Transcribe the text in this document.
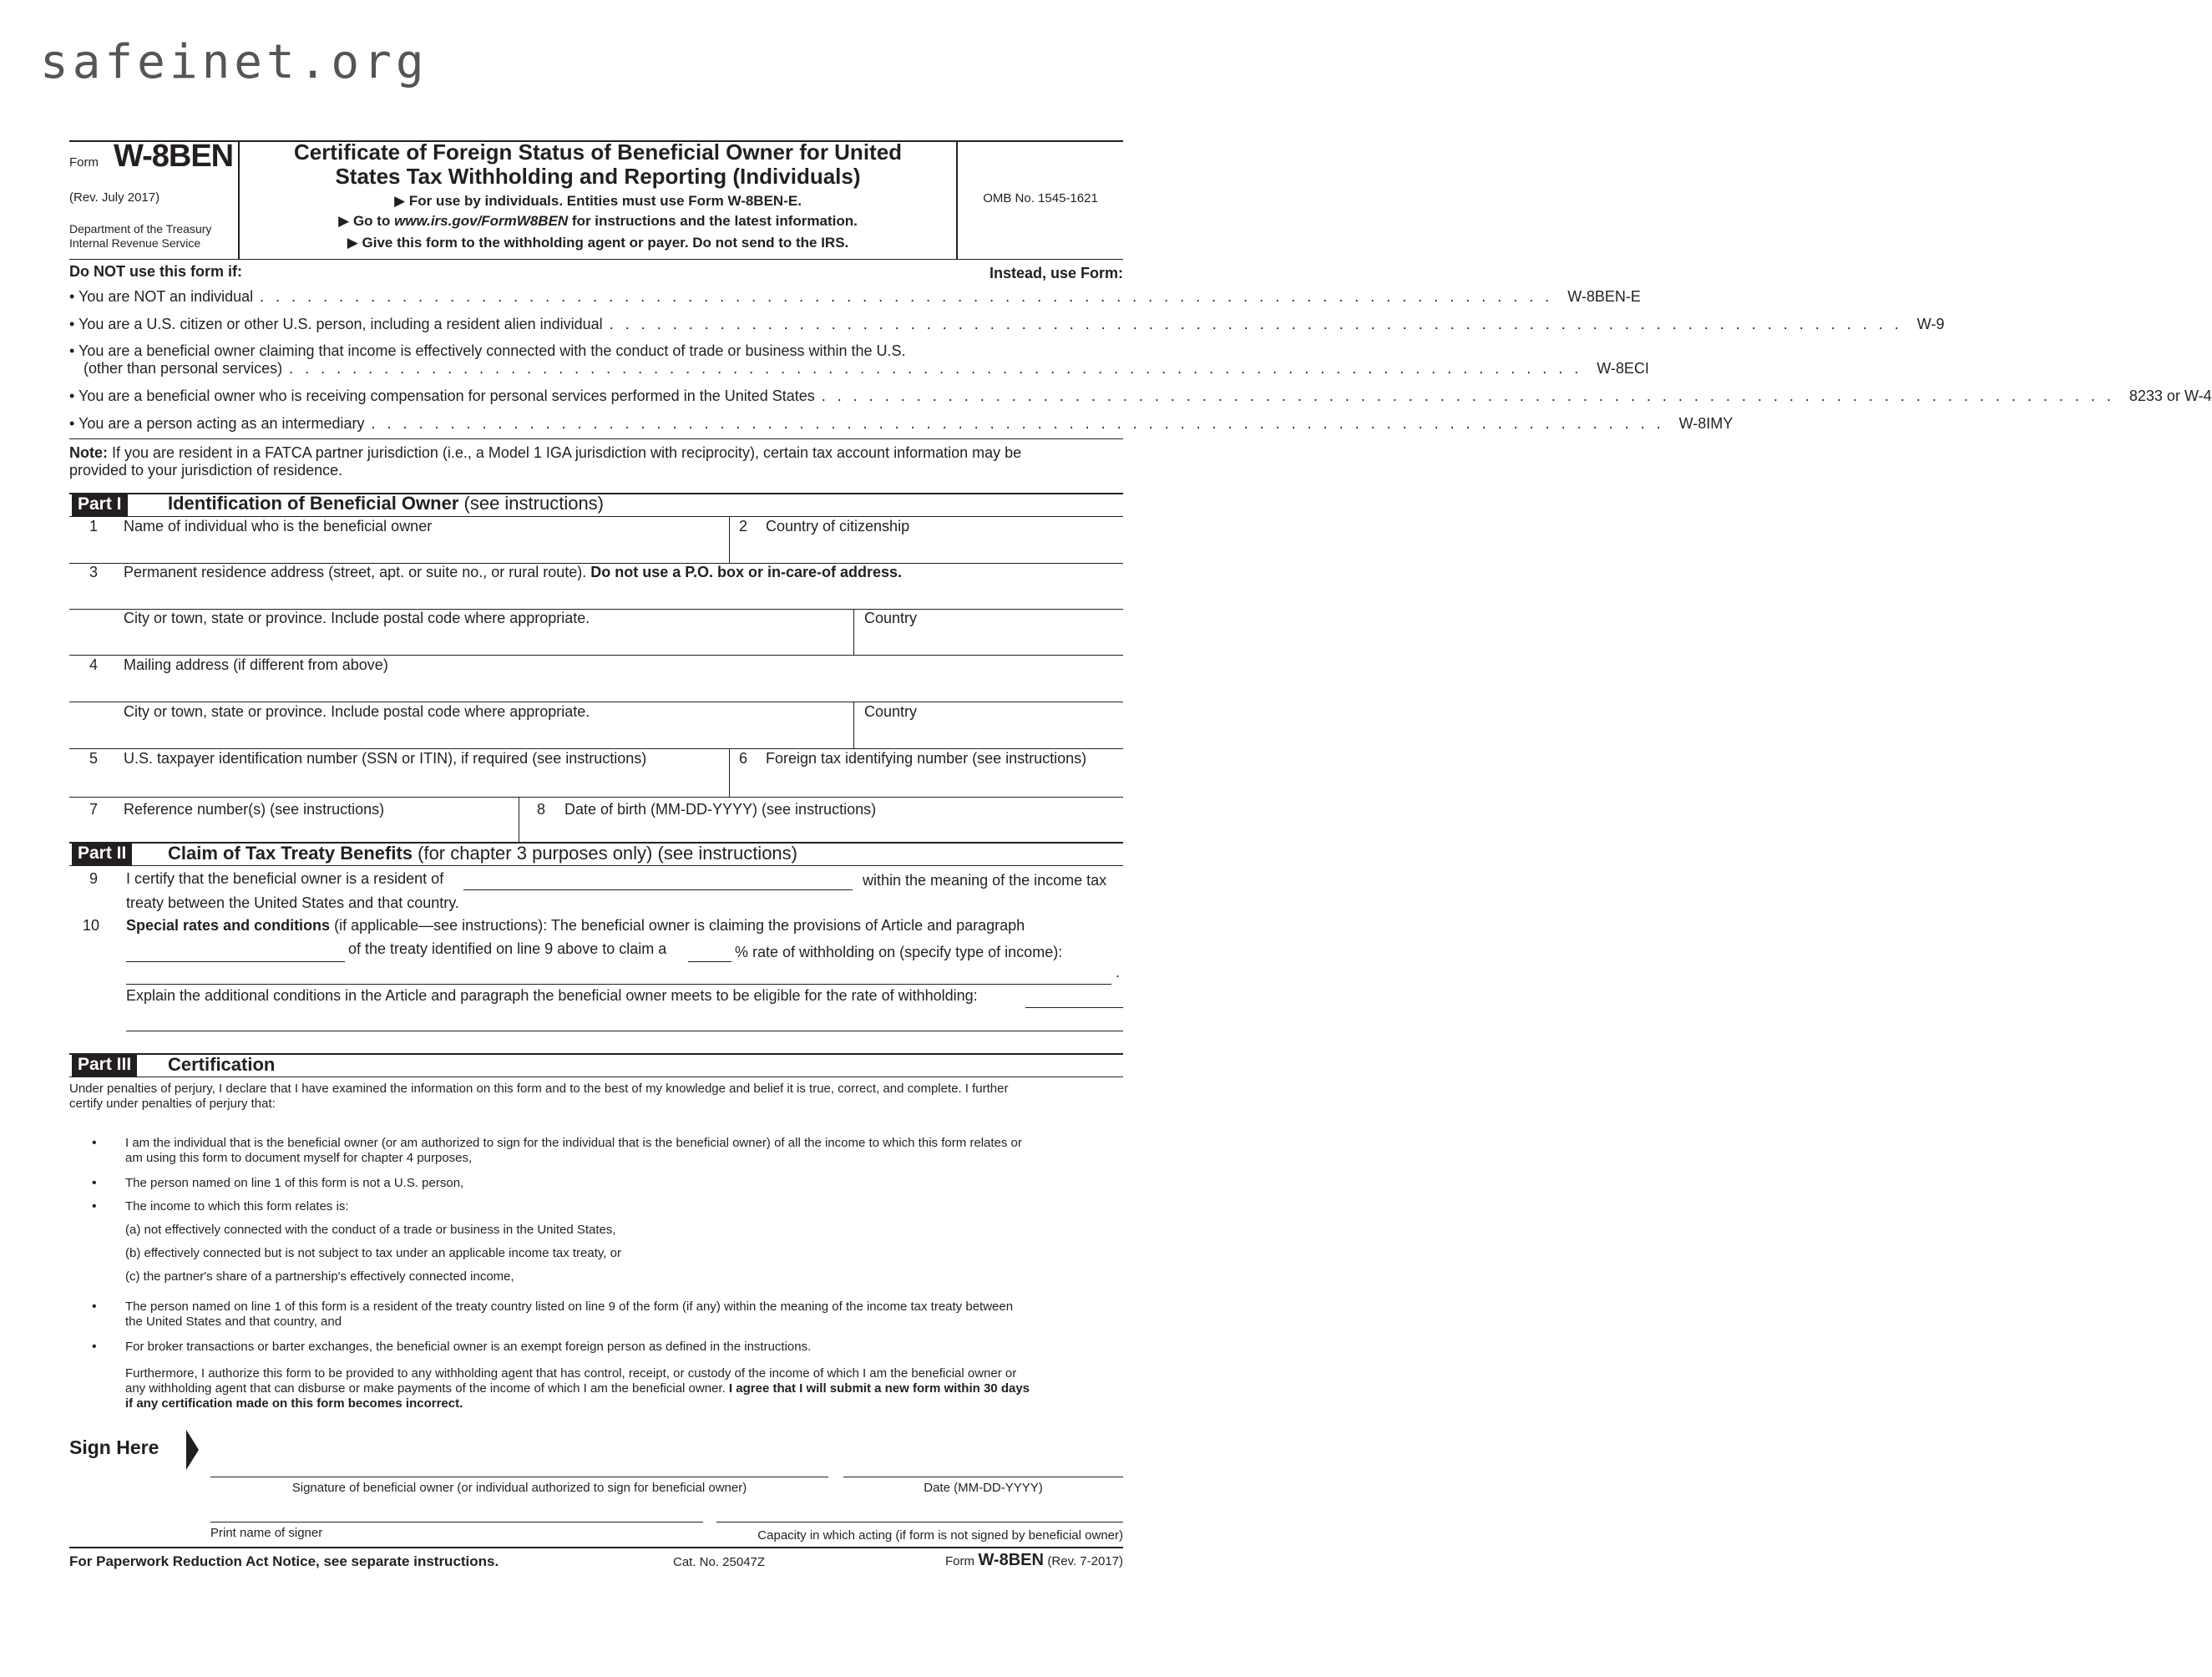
safeinet.org
Form W-8BEN
(Rev. July 2017)
Department of the Treasury
Internal Revenue Service
Certificate of Foreign Status of Beneficial Owner for United
States Tax Withholding and Reporting (Individuals)
▶ For use by individuals. Entities must use Form W-8BEN-E.
▶ Go to www.irs.gov/FormW8BEN for instructions and the latest information.
▶ Give this form to the withholding agent or payer. Do not send to the IRS.
OMB No. 1545-1621
Do NOT use this form if:	Instead, use Form:
• You are NOT an individual .................................................................................. W-8BEN-E
• You are a U.S. citizen or other U.S. person, including a resident alien individual .................................................................................. W-9
• You are a beneficial owner claiming that income is effectively connected with the conduct of trade or business within the U.S.
(other than personal services) .................................................................................. W-8ECI
• You are a beneficial owner who is receiving compensation for personal services performed in the United States .................................................................................. 8233 or W-4
• You are a person acting as an intermediary .................................................................................. W-8IMY
Note: If you are resident in a FATCA partner jurisdiction (i.e., a Model 1 IGA jurisdiction with reciprocity), certain tax account information may be
provided to your jurisdiction of residence.
Part I	Identification of Beneficial Owner (see instructions)
1 Name of individual who is the beneficial owner	2 Country of citizenship
3 Permanent residence address (street, apt. or suite no., or rural route). Do not use a P.O. box or in-care-of address.
City or town, state or province. Include postal code where appropriate.	Country
4 Mailing address (if different from above)
City or town, state or province. Include postal code where appropriate.	Country
5 U.S. taxpayer identification number (SSN or ITIN), if required (see instructions)	6 Foreign tax identifying number (see instructions)
7 Reference number(s) (see instructions)	8 Date of birth (MM-DD-YYYY) (see instructions)
Part II	Claim of Tax Treaty Benefits (for chapter 3 purposes only) (see instructions)
9 I certify that the beneficial owner is a resident of	within the meaning of the income tax
treaty between the United States and that country.
10 Special rates and conditions (if applicable—see instructions): The beneficial owner is claiming the provisions of Article and paragraph
of the treaty identified on line 9 above to claim a	% rate of withholding on (specify type of income):
.
Explain the additional conditions in the Article and paragraph the beneficial owner meets to be eligible for the rate of withholding:
Part III	Certification
Under penalties of perjury, I declare that I have examined the information on this form and to the best of my knowledge and belief it is true, correct, and complete. I further
certify under penalties of perjury that:
• I am the individual that is the beneficial owner (or am authorized to sign for the individual that is the beneficial owner) of all the income to which this form relates or
am using this form to document myself for chapter 4 purposes,
• The person named on line 1 of this form is not a U.S. person,
• The income to which this form relates is:
(a) not effectively connected with the conduct of a trade or business in the United States,
(b) effectively connected but is not subject to tax under an applicable income tax treaty, or
(c) the partner's share of a partnership's effectively connected income,
• The person named on line 1 of this form is a resident of the treaty country listed on line 9 of the form (if any) within the meaning of the income tax treaty between
the United States and that country, and
• For broker transactions or barter exchanges, the beneficial owner is an exempt foreign person as defined in the instructions.
Furthermore, I authorize this form to be provided to any withholding agent that has control, receipt, or custody of the income of which I am the beneficial owner or
any withholding agent that can disburse or make payments of the income of which I am the beneficial owner. I agree that I will submit a new form within 30 days
if any certification made on this form becomes incorrect.
Sign Here
Signature of beneficial owner (or individual authorized to sign for beneficial owner)	Date (MM-DD-YYYY)
Print name of signer	Capacity in which acting (if form is not signed by beneficial owner)
For Paperwork Reduction Act Notice, see separate instructions.	Cat. No. 25047Z	Form W-8BEN (Rev. 7-2017)
